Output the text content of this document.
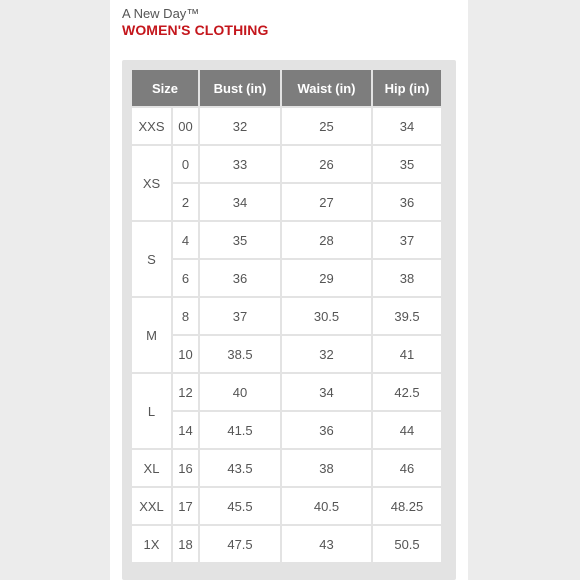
A New Day™
WOMEN'S CLOTHING
Size		Bust (in)	Waist (in)	Hip (in)
XXS	00	32	25	34
XS	0	33	26	35
	2	34	27	36
S	4	35	28	37
	6	36	29	38
M	8	37	30.5	39.5
	10	38.5	32	41
L	12	40	34	42.5
	14	41.5	36	44
XL	16	43.5	38	46
XXL	17	45.5	40.5	48.25
1X	18	47.5	43	50.5
